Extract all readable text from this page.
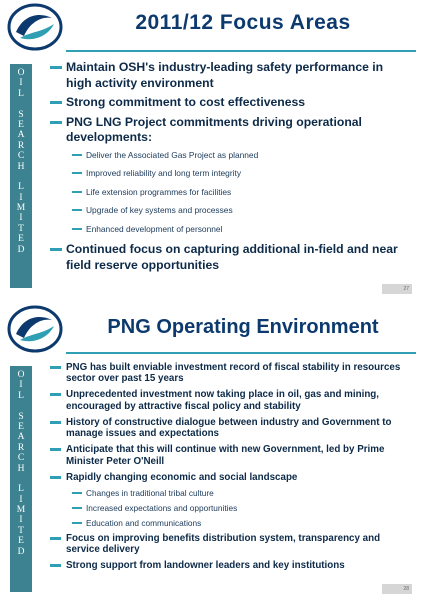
2011/12 Focus Areas
O
I
L

S
E
A
R
C
H

L
I
M
I
T
E
D
Maintain OSH's industry-leading safety performance in high activity environment
Strong commitment to cost effectiveness
PNG LNG Project commitments driving operational developments:
Deliver the Associated Gas Project as planned
Improved reliability and long term integrity
Life extension programmes for facilities
Upgrade of key systems and processes
Enhanced development of personnel
Continued focus on capturing additional in-field and near field reserve opportunities
27
PNG Operating Environment
O
I
L

S
E
A
R
C
H

L
I
M
I
T
E
D
PNG has built enviable investment record of fiscal stability in resources sector over past 15 years
Unprecedented investment now taking place in oil, gas and mining, encouraged by attractive fiscal policy and stability
History of constructive dialogue between industry and Government to manage issues and expectations
Anticipate that this will continue with new Government, led by Prime Minister Peter O'Neill
Rapidly changing economic and social landscape
Changes in traditional tribal culture
Increased expectations and opportunities
Education and communications
Focus on improving benefits distribution system, transparency and service delivery
Strong support from landowner leaders and key institutions
28
